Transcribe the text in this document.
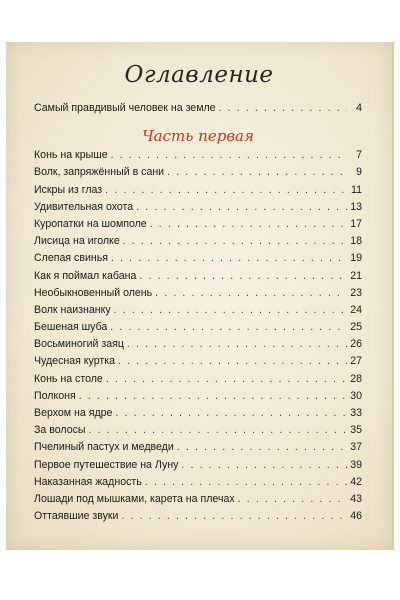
Оглавление
Самый правдивый человек на земле . . .	4
Часть первая
Конь на крыше . . .	7
Волк, запряжённый в сани . . .	9
Искры из глаз . . .	11
Удивительная охота . . .	13
Куропатки на шомполе . . .	17
Лисица на иголке . . .	18
Слепая свинья . . .	19
Как я поймал кабана . . .	21
Необыкновенный олень . . .	23
Волк наизнанку . . .	24
Бешеная шуба . . .	25
Восьминогий заяц . . .	26
Чудесная куртка . . .	27
Конь на столе . . .	28
Полконя . . .	30
Верхом на ядре . . .	33
За волосы . . .	35
Пчелиный пастух и медведи . . .	37
Первое путешествие на Луну . . .	39
Наказанная жадность . . .	42
Лошади под мышками, карета на плечах . . .	43
Оттаявшие звуки . . .	46
